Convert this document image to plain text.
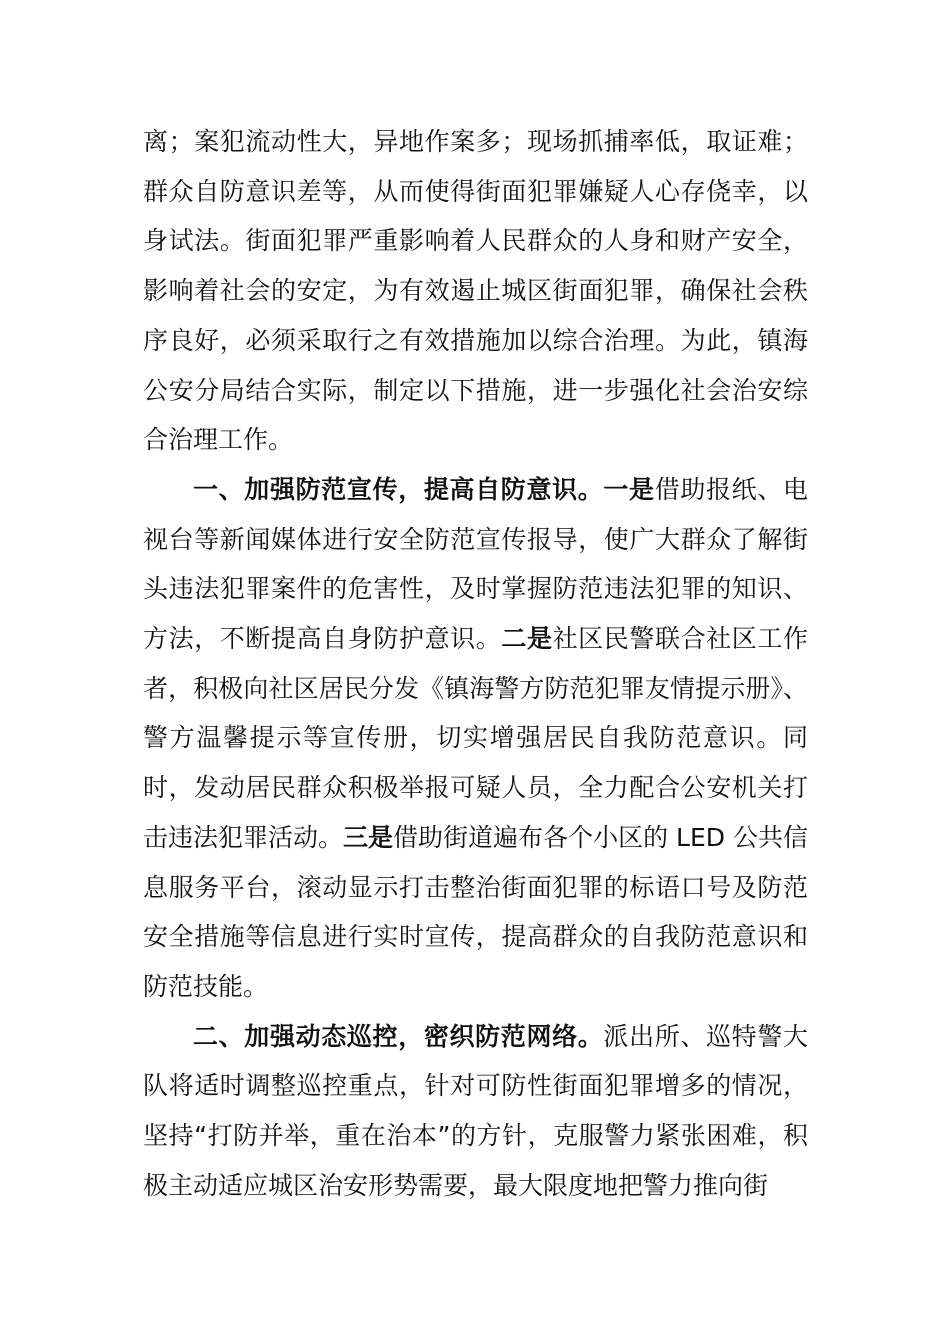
离；案犯流动性大，异地作案多；现场抓捕率低，取证难；群众自防意识差等，从而使得街面犯罪嫌疑人心存侥幸，以身试法。街面犯罪严重影响着人民群众的人身和财产安全，影响着社会的安定，为有效遏止城区街面犯罪，确保社会秩序良好，必须采取行之有效措施加以综合治理。为此，镇海公安分局结合实际，制定以下措施，进一步强化社会治安综合治理工作。

一、加强防范宣传，提高自防意识。一是借助报纸、电视台等新闻媒体进行安全防范宣传报导，使广大群众了解街头违法犯罪案件的危害性，及时掌握防范违法犯罪的知识、方法，不断提高自身防护意识。二是社区民警联合社区工作者，积极向社区居民分发《镇海警方防范犯罪友情提示册》、警方温馨提示等宣传册，切实增强居民自我防范意识。同时，发动居民群众积极举报可疑人员，全力配合公安机关打击违法犯罪活动。三是借助街道遍布各个小区的 LED 公共信息服务平台，滚动显示打击整治街面犯罪的标语口号及防范安全措施等信息进行实时宣传，提高群众的自我防范意识和防范技能。

二、加强动态巡控，密织防范网络。派出所、巡特警大队将适时调整巡控重点，针对可防性街面犯罪增多的情况，坚持“打防并举，重在治本”的方针，克服警力紧张困难，积极主动适应城区治安形势需要，最大限度地把警力推向街
